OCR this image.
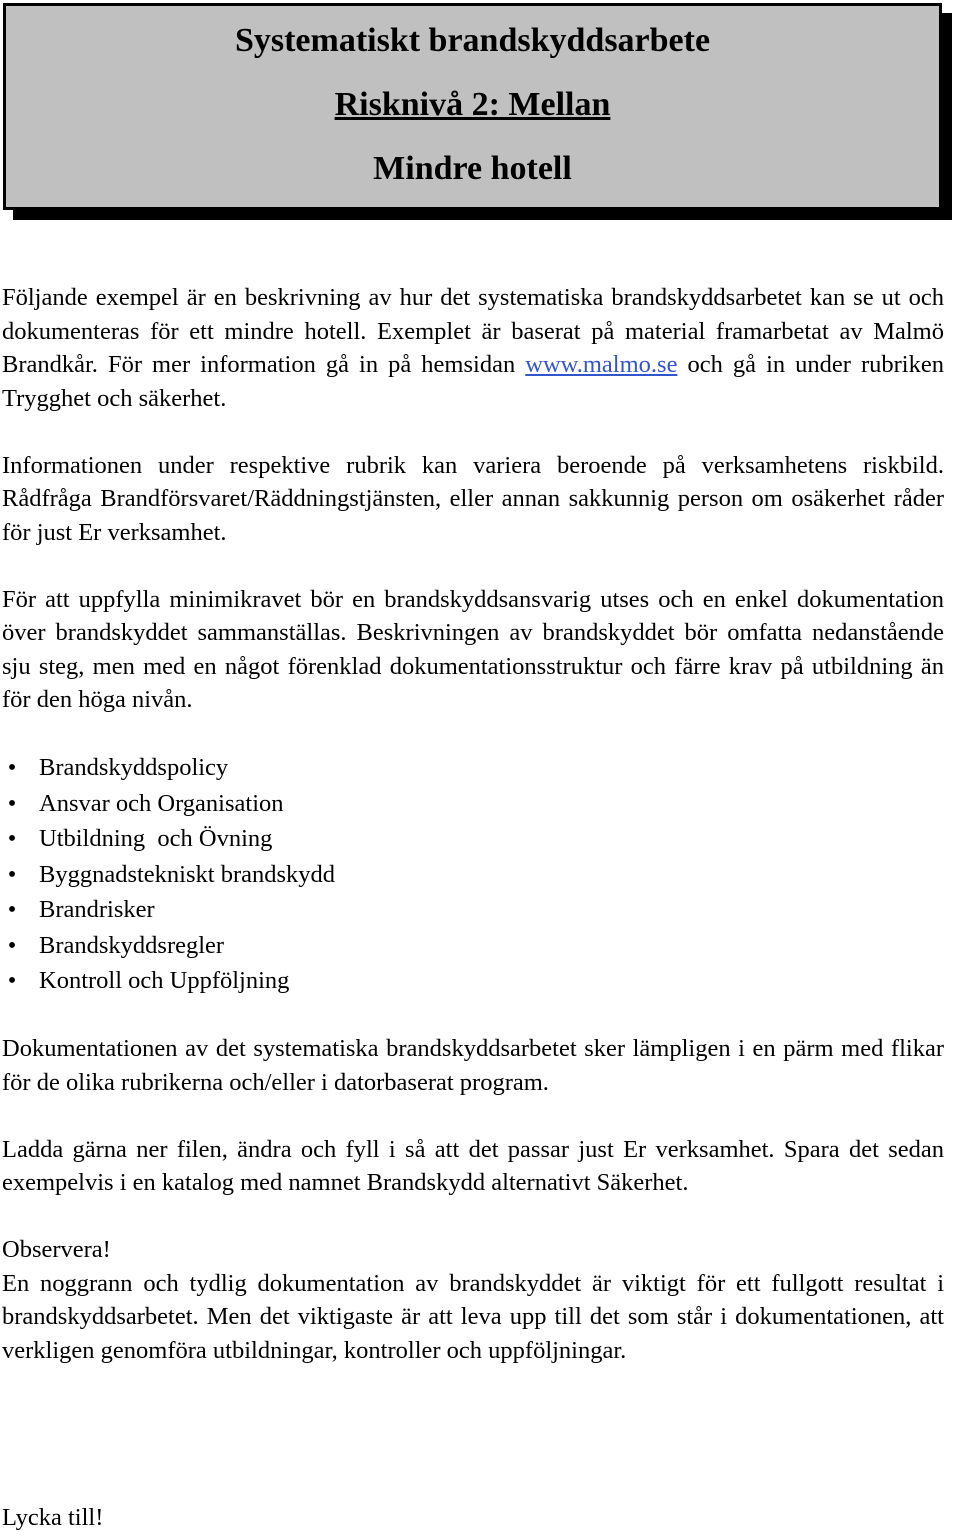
Systematiskt brandskyddsarbete
Risknivå 2: Mellan
Mindre hotell

Följande exempel är en beskrivning av hur det systematiska brandskyddsarbetet kan se ut och dokumenteras för ett mindre hotell. Exemplet är baserat på material framarbetat av Malmö Brandkår. För mer information gå in på hemsidan www.malmo.se och gå in under rubriken Trygghet och säkerhet.

Informationen under respektive rubrik kan variera beroende på verksamhetens riskbild. Rådfråga Brandförsvaret/Räddningstjänsten, eller annan sakkunnig person om osäkerhet råder för just Er verksamhet.

För att uppfylla minimikravet bör en brandskyddsansvarig utses och en enkel dokumentation över brandskyddet sammanställas. Beskrivningen av brandskyddet bör omfatta nedanstående sju steg, men med en något förenklad dokumentationsstruktur och färre krav på utbildning än för den höga nivån.

• Brandskyddspolicy
• Ansvar och Organisation
• Utbildning  och Övning
• Byggnadstekniskt brandskydd
• Brandrisker
• Brandskyddsregler
• Kontroll och Uppföljning

Dokumentationen av det systematiska brandskyddsarbetet sker lämpligen i en pärm med flikar för de olika rubrikerna och/eller i datorbaserat program.

Ladda gärna ner filen, ändra och fyll i så att det passar just Er verksamhet. Spara det sedan exempelvis i en katalog med namnet Brandskydd alternativt Säkerhet.

Observera!

En noggrann och tydlig dokumentation av brandskyddet är viktigt för ett fullgott resultat i brandskyddsarbetet. Men det viktigaste är att leva upp till det som står i dokumentationen, att verkligen genomföra utbildningar, kontroller och uppföljningar.

Lycka till!
